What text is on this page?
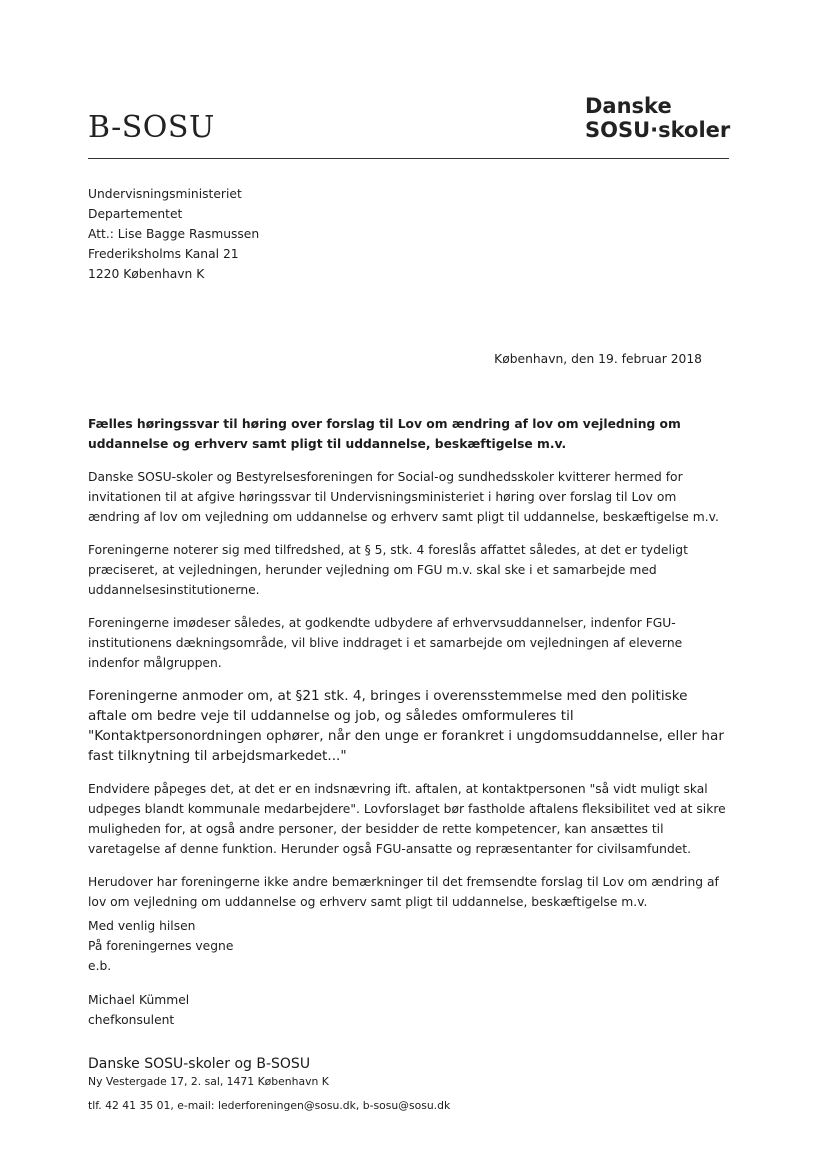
B-SOSU
Danske
SOSU·skoler
Undervisningsministeriet
Departementet
Att.: Lise Bagge Rasmussen
Frederiksholms Kanal 21
1220 København K
København, den 19. februar 2018

Fælles høringssvar til høring over forslag til Lov om ændring af lov om vejledning om uddannelse og erhverv samt pligt til uddannelse, beskæftigelse m.v.

Danske SOSU-skoler og Bestyrelsesforeningen for Social-og sundhedsskoler kvitterer hermed for invitationen til at afgive høringssvar til Undervisningsministeriet i høring over forslag til Lov om ændring af lov om vejledning om uddannelse og erhverv samt pligt til uddannelse, beskæftigelse m.v.

Foreningerne noterer sig med tilfredshed, at § 5, stk. 4 foreslås affattet således, at det er tydeligt præciseret, at vejledningen, herunder vejledning om FGU m.v. skal ske i et samarbejde med uddannelsesinstitutionerne.

Foreningerne imødeser således, at godkendte udbydere af erhvervsuddannelser, indenfor FGU-institutionens dækningsområde, vil blive inddraget i et samarbejde om vejledningen af eleverne indenfor målgruppen.

Foreningerne anmoder om, at §21 stk. 4, bringes i overensstemmelse med den politiske aftale om bedre veje til uddannelse og job, og således omformuleres til "Kontaktpersonordningen ophører, når den unge er forankret i ungdomsuddannelse, eller har fast tilknytning til arbejdsmarkedet..."

Endvidere påpeges det, at det er en indsnævring ift. aftalen, at kontaktpersonen "så vidt muligt skal udpeges blandt kommunale medarbejdere". Lovforslaget bør fastholde aftalens fleksibilitet ved at sikre muligheden for, at også andre personer, der besidder de rette kompetencer, kan ansættes til varetagelse af denne funktion. Herunder også FGU-ansatte og repræsentanter for civilsamfundet.

Herudover har foreningerne ikke andre bemærkninger til det fremsendte forslag til Lov om ændring af lov om vejledning om uddannelse og erhverv samt pligt til uddannelse, beskæftigelse m.v.

Med venlig hilsen
På foreningernes vegne
e.b.
Michael Kümmel
chefkonsulent
Danske SOSU-skoler og B-SOSU
Ny Vestergade 17, 2. sal, 1471 København K
tlf. 42 41 35 01, e-mail: lederforeningen@sosu.dk, b-sosu@sosu.dk
